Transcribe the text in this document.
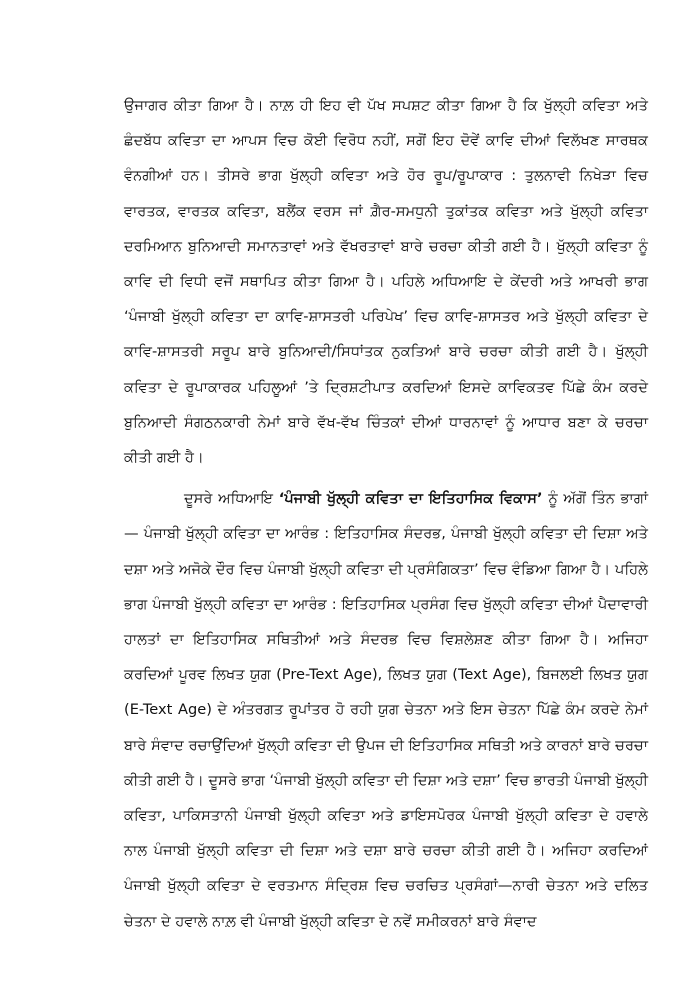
ਉਜਾਗਰ ਕੀਤਾ ਗਿਆ ਹੈ। ਨਾਲ਼ ਹੀ ਇਹ ਵੀ ਪੱਖ ਸਪਸ਼ਟ ਕੀਤਾ ਗਿਆ ਹੈ ਕਿ ਖੁੱਲ੍ਹੀ ਕਵਿਤਾ ਅਤੇ ਛੰਦਬੱਧ ਕਵਿਤਾ ਦਾ ਆਪਸ ਵਿਚ ਕੋਈ ਵਿਰੋਧ ਨਹੀਂ, ਸਗੋਂ ਇਹ ਦੋਵੇਂ ਕਾਵਿ ਦੀਆਂ ਵਿਲੱਖਣ ਸਾਰਥਕ ਵੰਨਗੀਆਂ ਹਨ। ਤੀਸਰੇ ਭਾਗ ਖੁੱਲ੍ਹੀ ਕਵਿਤਾ ਅਤੇ ਹੋਰ ਰੂਪ/ਰੂਪਾਕਾਰ : ਤੁਲਨਾਵੀ ਨਿਖੇੜਾ ਵਿਚ ਵਾਰਤਕ, ਵਾਰਤਕ ਕਵਿਤਾ, ਬਲੈਂਕ ਵਰਸ ਜਾਂ ਗ਼ੈਰ-ਸਮਧੁਨੀ ਤੁਕਾਂਤਕ ਕਵਿਤਾ ਅਤੇ ਖੁੱਲ੍ਹੀ ਕਵਿਤਾ ਦਰਮਿਆਨ ਬੁਨਿਆਦੀ ਸਮਾਨਤਾਵਾਂ ਅਤੇ ਵੱਖਰਤਾਵਾਂ ਬਾਰੇ ਚਰਚਾ ਕੀਤੀ ਗਈ ਹੈ। ਖੁੱਲ੍ਹੀ ਕਵਿਤਾ ਨੂੰ ਕਾਵਿ ਦੀ ਵਿਧੀ ਵਜੋਂ ਸਥਾਪਿਤ ਕੀਤਾ ਗਿਆ ਹੈ। ਪਹਿਲੇ ਅਧਿਆਇ ਦੇ ਕੇਂਦਰੀ ਅਤੇ ਆਖਰੀ ਭਾਗ ‘ਪੰਜਾਬੀ ਖੁੱਲ੍ਹੀ ਕਵਿਤਾ ਦਾ ਕਾਵਿ-ਸ਼ਾਸਤਰੀ ਪਰਿਪੇਖ’ ਵਿਚ ਕਾਵਿ-ਸ਼ਾਸਤਰ ਅਤੇ ਖੁੱਲ੍ਹੀ ਕਵਿਤਾ ਦੇ ਕਾਵਿ-ਸ਼ਾਸਤਰੀ ਸਰੂਪ ਬਾਰੇ ਬੁਨਿਆਦੀ/ਸਿਧਾਂਤਕ ਨੁਕਤਿਆਂ ਬਾਰੇ ਚਰਚਾ ਕੀਤੀ ਗਈ ਹੈ। ਖੁੱਲ੍ਹੀ ਕਵਿਤਾ ਦੇ ਰੂਪਾਕਾਰਕ ਪਹਿਲੂਆਂ ’ਤੇ ਦ੍ਰਿਸ਼ਟੀਪਾਤ ਕਰਦਿਆਂ ਇਸਦੇ ਕਾਵਿਕਤਵ ਪਿੱਛੇ ਕੰਮ ਕਰਦੇ ਬੁਨਿਆਦੀ ਸੰਗਠਨਕਾਰੀ ਨੇਮਾਂ ਬਾਰੇ ਵੱਖ-ਵੱਖ ਚਿੰਤਕਾਂ ਦੀਆਂ ਧਾਰਨਾਵਾਂ ਨੂੰ ਆਧਾਰ ਬਣਾ ਕੇ ਚਰਚਾ ਕੀਤੀ ਗਈ ਹੈ।

ਦੂਸਰੇ ਅਧਿਆਇ ‘ਪੰਜਾਬੀ ਖੁੱਲ੍ਹੀ ਕਵਿਤਾ ਦਾ ਇਤਿਹਾਸਿਕ ਵਿਕਾਸ’ ਨੂੰ ਅੱਗੋਂ ਤਿੰਨ ਭਾਗਾਂ — ਪੰਜਾਬੀ ਖੁੱਲ੍ਹੀ ਕਵਿਤਾ ਦਾ ਆਰੰਭ : ਇਤਿਹਾਸਿਕ ਸੰਦਰਭ, ਪੰਜਾਬੀ ਖੁੱਲ੍ਹੀ ਕਵਿਤਾ ਦੀ ਦਿਸ਼ਾ ਅਤੇ ਦਸ਼ਾ ਅਤੇ ਅਜੋਕੇ ਦੌਰ ਵਿਚ ਪੰਜਾਬੀ ਖੁੱਲ੍ਹੀ ਕਵਿਤਾ ਦੀ ਪ੍ਰਸੰਗਿਕਤਾ’ ਵਿਚ ਵੰਡਿਆ ਗਿਆ ਹੈ। ਪਹਿਲੇ ਭਾਗ ਪੰਜਾਬੀ ਖੁੱਲ੍ਹੀ ਕਵਿਤਾ ਦਾ ਆਰੰਭ : ਇਤਿਹਾਸਿਕ ਪ੍ਰਸੰਗ ਵਿਚ ਖੁੱਲ੍ਹੀ ਕਵਿਤਾ ਦੀਆਂ ਪੈਦਾਵਾਰੀ ਹਾਲਤਾਂ ਦਾ ਇਤਿਹਾਸਿਕ ਸਥਿਤੀਆਂ ਅਤੇ ਸੰਦਰਭ ਵਿਚ ਵਿਸ਼ਲੇਸ਼ਣ ਕੀਤਾ ਗਿਆ ਹੈ। ਅਜਿਹਾ ਕਰਦਿਆਂ ਪੂਰਵ ਲਿਖਤ ਯੁਗ (Pre-Text Age), ਲਿਖਤ ਯੁਗ (Text Age), ਬਿਜਲਈ ਲਿਖਤ ਯੁਗ (E-Text Age) ਦੇ ਅੰਤਰਗਤ ਰੂਪਾਂਤਰ ਹੋ ਰਹੀ ਯੁਗ ਚੇਤਨਾ ਅਤੇ ਇਸ ਚੇਤਨਾ ਪਿੱਛੇ ਕੰਮ ਕਰਦੇ ਨੇਮਾਂ ਬਾਰੇ ਸੰਵਾਦ ਰਚਾਉਂਦਿਆਂ ਖੁੱਲ੍ਹੀ ਕਵਿਤਾ ਦੀ ਉਪਜ ਦੀ ਇਤਿਹਾਸਿਕ ਸਥਿਤੀ ਅਤੇ ਕਾਰਨਾਂ ਬਾਰੇ ਚਰਚਾ ਕੀਤੀ ਗਈ ਹੈ। ਦੂਸਰੇ ਭਾਗ ‘ਪੰਜਾਬੀ ਖੁੱਲ੍ਹੀ ਕਵਿਤਾ ਦੀ ਦਿਸ਼ਾ ਅਤੇ ਦਸ਼ਾ’ ਵਿਚ ਭਾਰਤੀ ਪੰਜਾਬੀ ਖੁੱਲ੍ਹੀ ਕਵਿਤਾ, ਪਾਕਿਸਤਾਨੀ ਪੰਜਾਬੀ ਖੁੱਲ੍ਹੀ ਕਵਿਤਾ ਅਤੇ ਡਾਇਸਪੋਰਕ ਪੰਜਾਬੀ ਖੁੱਲ੍ਹੀ ਕਵਿਤਾ ਦੇ ਹਵਾਲੇ ਨਾਲ ਪੰਜਾਬੀ ਖੁੱਲ੍ਹੀ ਕਵਿਤਾ ਦੀ ਦਿਸ਼ਾ ਅਤੇ ਦਸ਼ਾ ਬਾਰੇ ਚਰਚਾ ਕੀਤੀ ਗਈ ਹੈ। ਅਜਿਹਾ ਕਰਦਿਆਂ ਪੰਜਾਬੀ ਖੁੱਲ੍ਹੀ ਕਵਿਤਾ ਦੇ ਵਰਤਮਾਨ ਸੰਦ੍ਰਿਸ਼ ਵਿਚ ਚਰਚਿਤ ਪ੍ਰਸੰਗਾਂ—ਨਾਰੀ ਚੇਤਨਾ ਅਤੇ ਦਲਿਤ ਚੇਤਨਾ ਦੇ ਹਵਾਲੇ ਨਾਲ਼ ਵੀ ਪੰਜਾਬੀ ਖੁੱਲ੍ਹੀ ਕਵਿਤਾ ਦੇ ਨਵੇਂ ਸਮੀਕਰਨਾਂ ਬਾਰੇ ਸੰਵਾਦ
